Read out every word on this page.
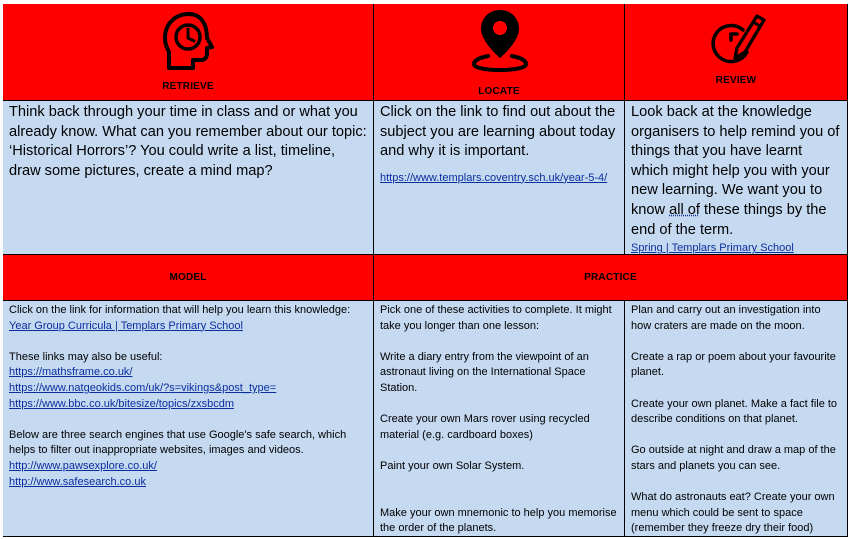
RETRIEVE	LOCATE
REVIEW

Think back through your time in class and or what you already know. What can you remember about our topic: ‘Historical Horrors’? You could write a list, timeline, draw some pictures, create a mind map?

Click on the link to find out about the subject you are learning about today and why it is important.

https://www.templars.coventry.sch.uk/year-5-4/

Look back at the knowledge organisers to help remind you of things that you have learnt which might help you with your new learning. We want you to know all of these things by the end of the term.

Spring | Templars Primary School

MODEL	PRACTICE

Click on the link for information that will help you learn this knowledge:

Year Group Curricula | Templars Primary School

These links may also be useful:

https://mathsframe.co.uk/

https://www.natgeokids.com/uk/?s=vikings&post_type=

https://www.bbc.co.uk/bitesize/topics/zxsbcdm

Below are three search engines that use Google's safe search, which helps to filter out inappropriate websites, images and videos.

http://www.pawsexplore.co.uk/

http://www.safesearch.co.uk

Pick one of these activities to complete. It might take you longer than one lesson:

Write a diary entry from the viewpoint of an astronaut living on the International Space Station.

Create your own Mars rover using recycled material (e.g. cardboard boxes)

Paint your own Solar System.

Make your own mnemonic to help you memorise the order of the planets.

Plan and carry out an investigation into how craters are made on the moon.

Create a rap or poem about your favourite planet.

Create your own planet. Make a fact file to describe conditions on that planet.

Go outside at night and draw a map of the stars and planets you can see.

What do astronauts eat? Create your own menu which could be sent to space (remember they freeze dry their food)
